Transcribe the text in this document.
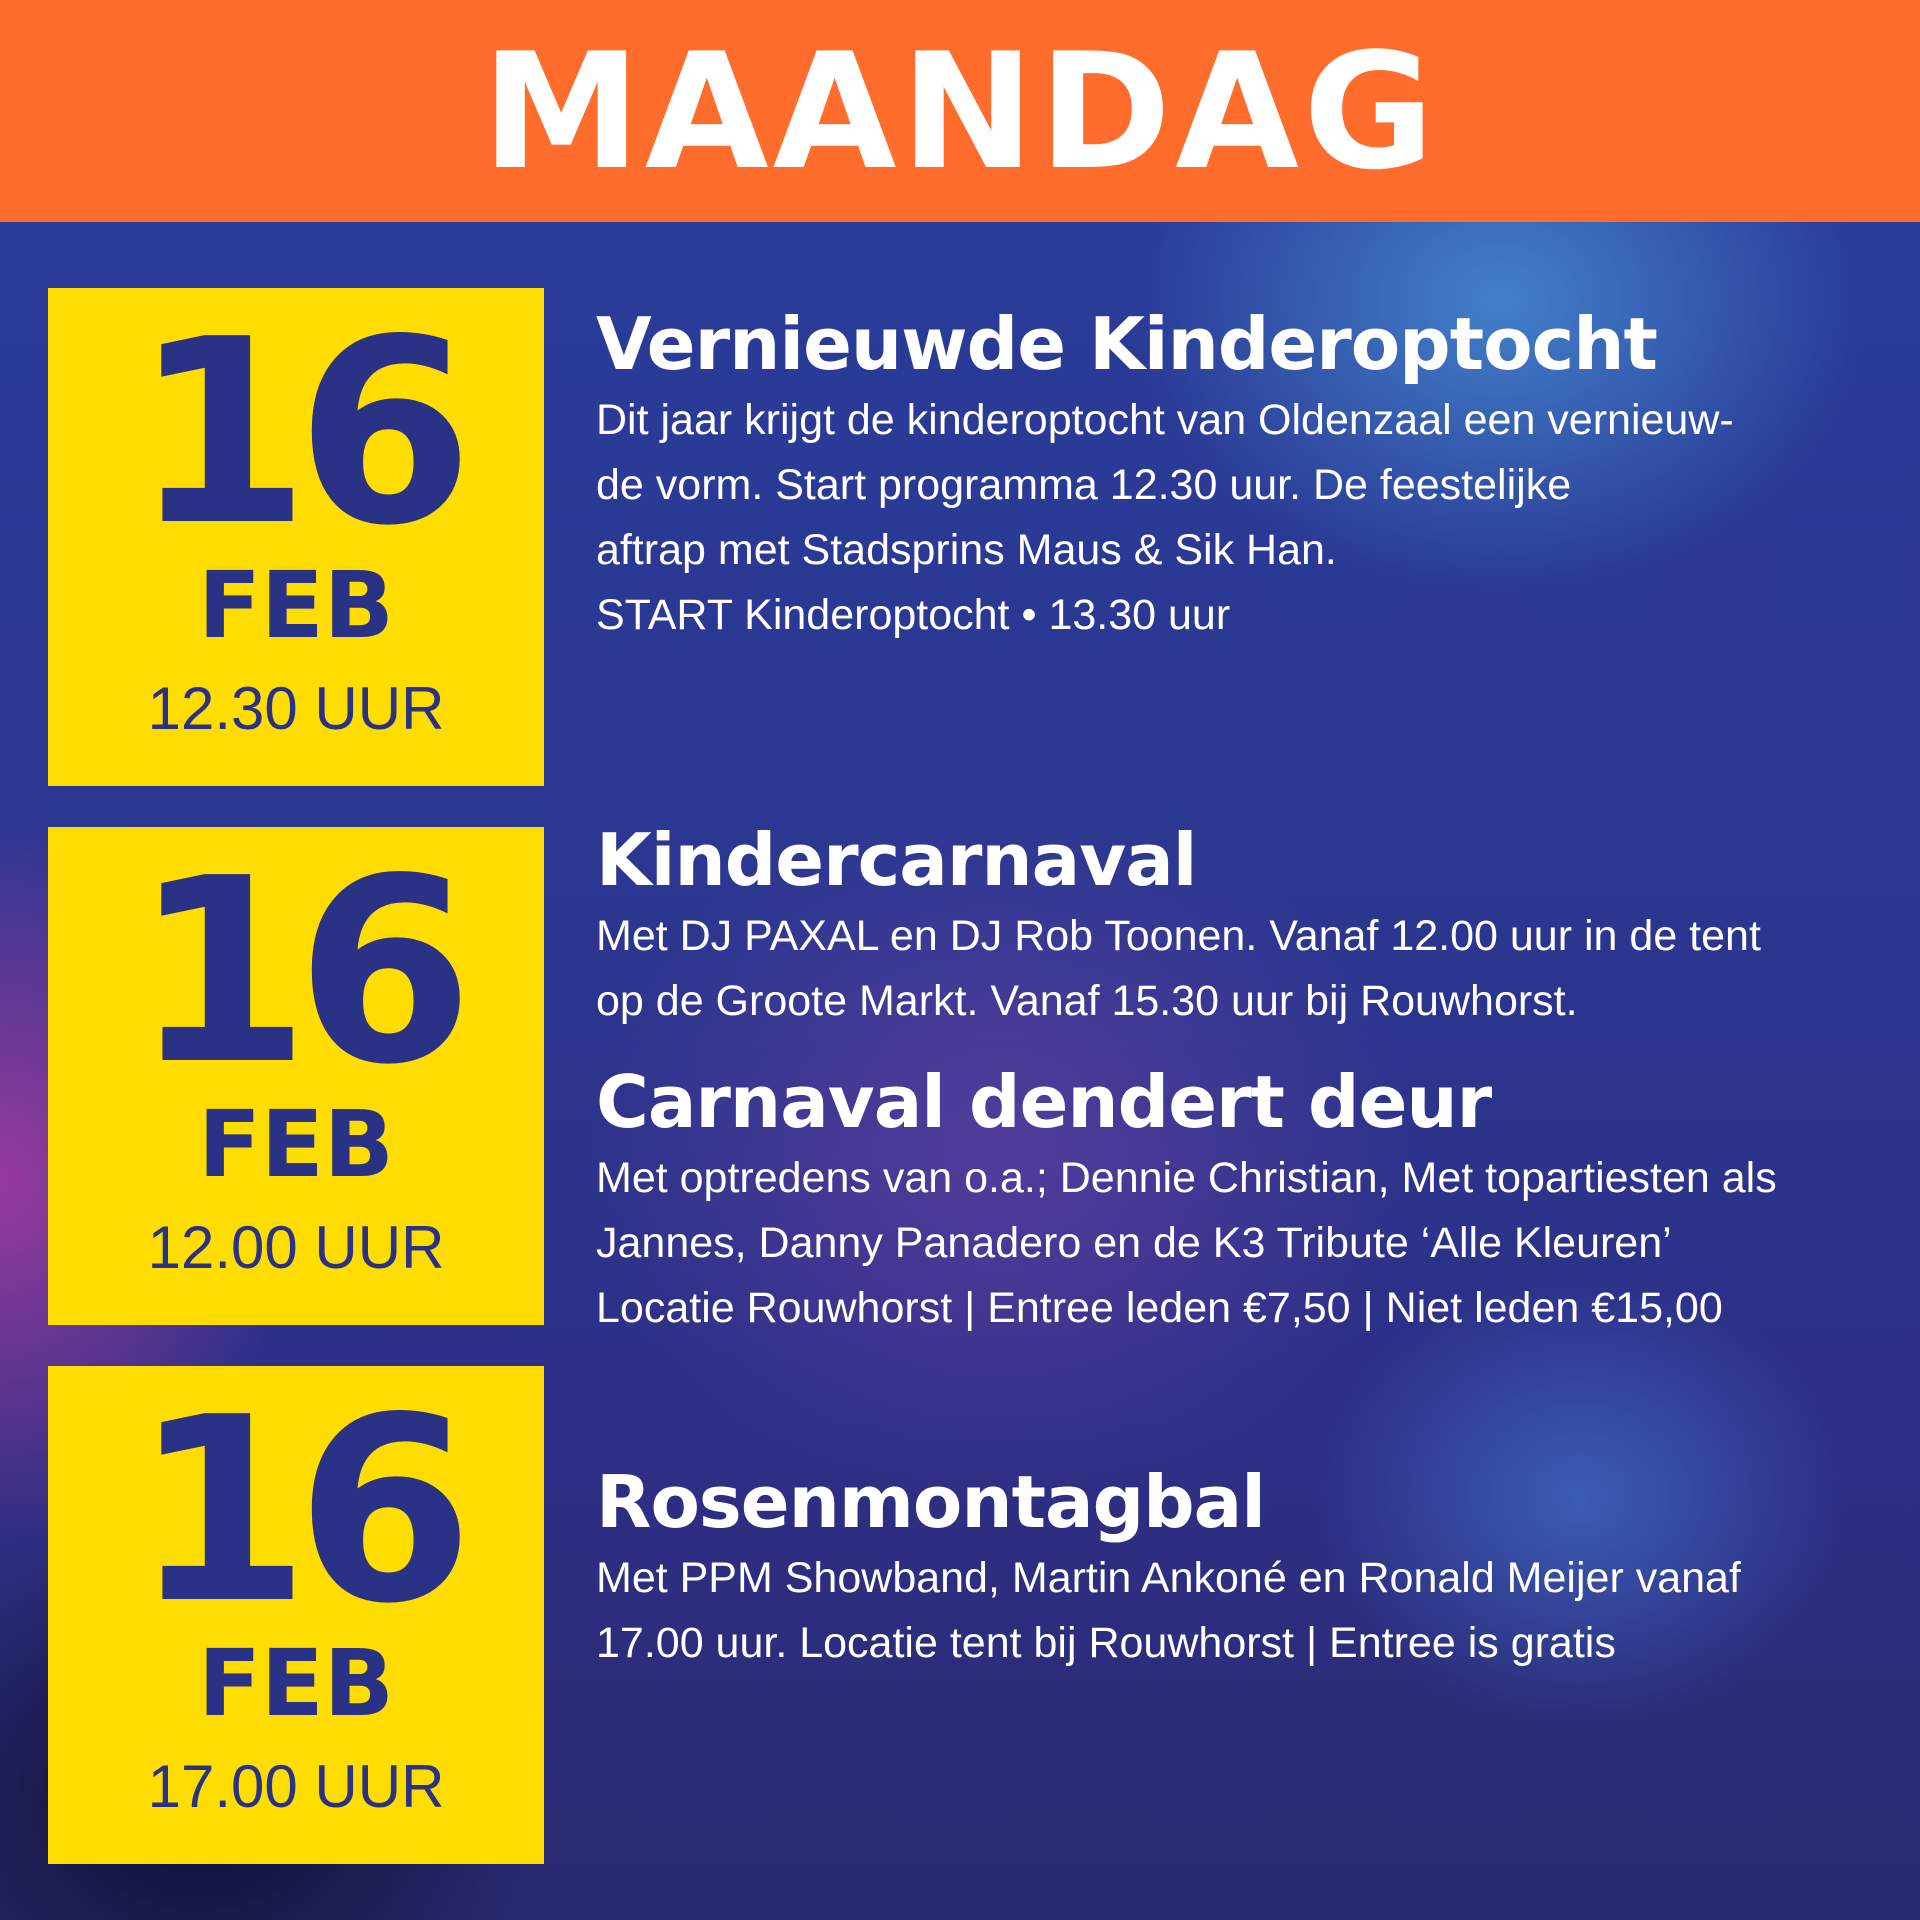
MAANDAG
16
FEB
12.30 UUR
16
FEB
12.00 UUR
16
FEB
17.00 UUR
Vernieuwde Kinderoptocht

Dit jaar krijgt de kinderoptocht van Oldenzaal een vernieuw-
de vorm. Start programma 12.30 uur. De feestelijke
aftrap met Stadsprins Maus & Sik Han.
START Kinderoptocht • 13.30 uur

Kindercarnaval

Met DJ PAXAL en DJ Rob Toonen. Vanaf 12.00 uur in de tent
op de Groote Markt. Vanaf 15.30 uur bij Rouwhorst.

Carnaval dendert deur

Met optredens van o.a.; Dennie Christian, Met topartiesten als
Jannes, Danny Panadero en de K3 Tribute ‘Alle Kleuren’
Locatie Rouwhorst | Entree leden €7,50 | Niet leden €15,00

Rosenmontagbal

Met PPM Showband, Martin Ankoné en Ronald Meijer vanaf
17.00 uur. Locatie tent bij Rouwhorst | Entree is gratis
